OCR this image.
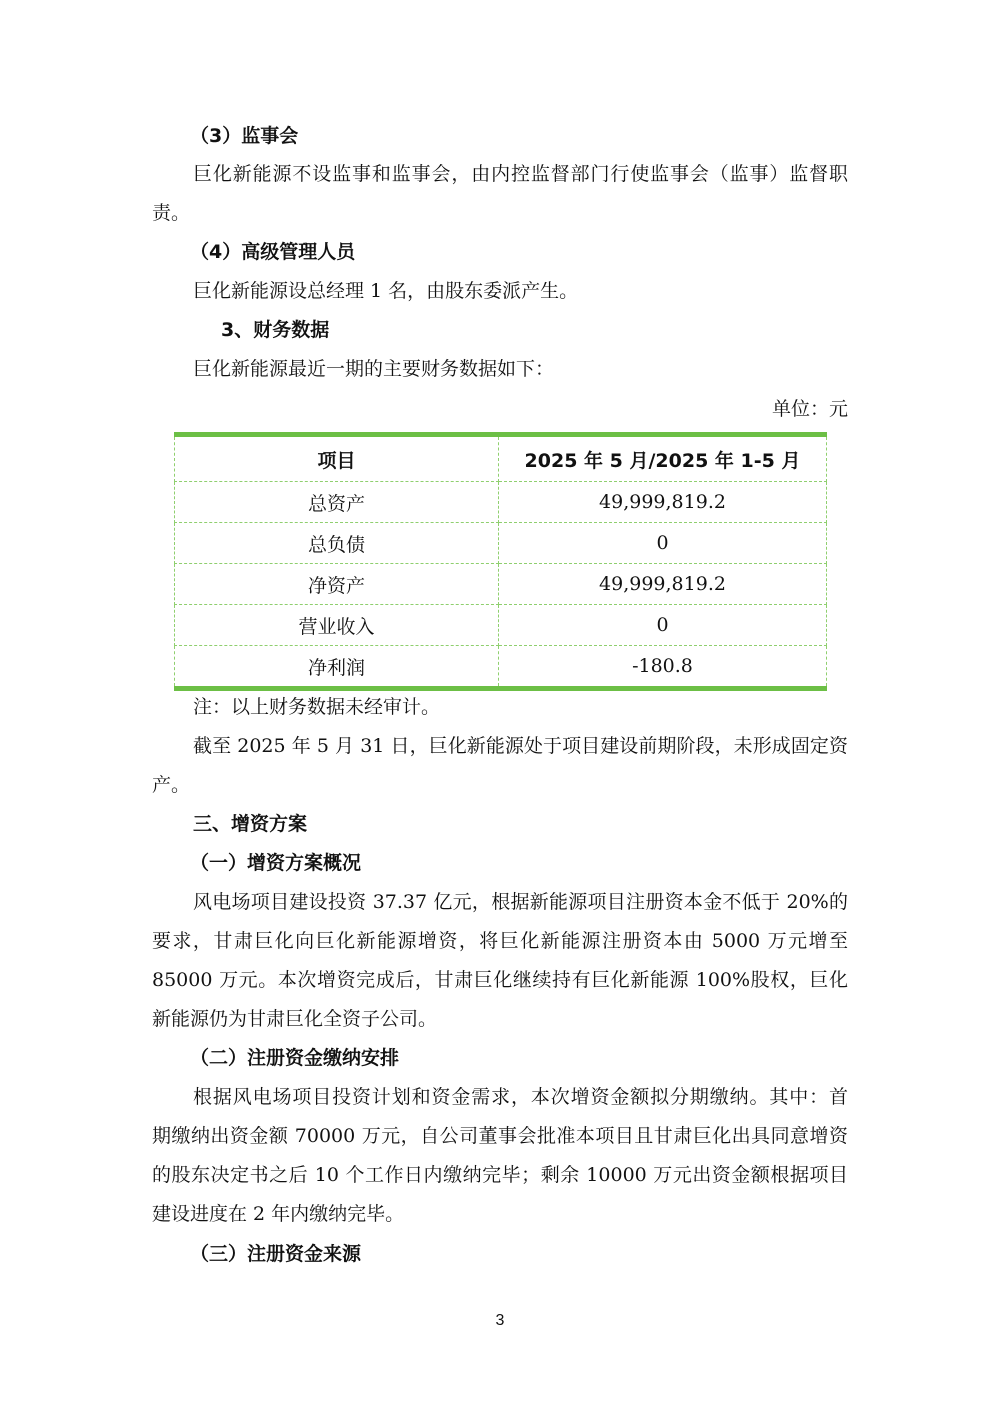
（3）监事会
巨化新能源不设监事和监事会，由内控监督部门行使监事会（监事）监督职
责。
（4）高级管理人员
巨化新能源设总经理 1 名，由股东委派产生。
3、财务数据
巨化新能源最近一期的主要财务数据如下：
单位：元
项目	2025 年 5 月/2025 年 1-5 月
总资产	49,999,819.2
总负债	0
净资产	49,999,819.2
营业收入	0
净利润	-180.8
注：以上财务数据未经审计。
截至 2025 年 5 月 31 日，巨化新能源处于项目建设前期阶段，未形成固定资
产。
三、增资方案
（一）增资方案概况
风电场项目建设投资 37.37 亿元，根据新能源项目注册资本金不低于 20%的
要求，甘肃巨化向巨化新能源增资，将巨化新能源注册资本由 5000 万元增至
85000 万元。本次增资完成后，甘肃巨化继续持有巨化新能源 100%股权，巨化
新能源仍为甘肃巨化全资子公司。
（二）注册资金缴纳安排
根据风电场项目投资计划和资金需求，本次增资金额拟分期缴纳。其中：首
期缴纳出资金额 70000 万元，自公司董事会批准本项目且甘肃巨化出具同意增资
的股东决定书之后 10 个工作日内缴纳完毕；剩余 10000 万元出资金额根据项目
建设进度在 2 年内缴纳完毕。
（三）注册资金来源
3
